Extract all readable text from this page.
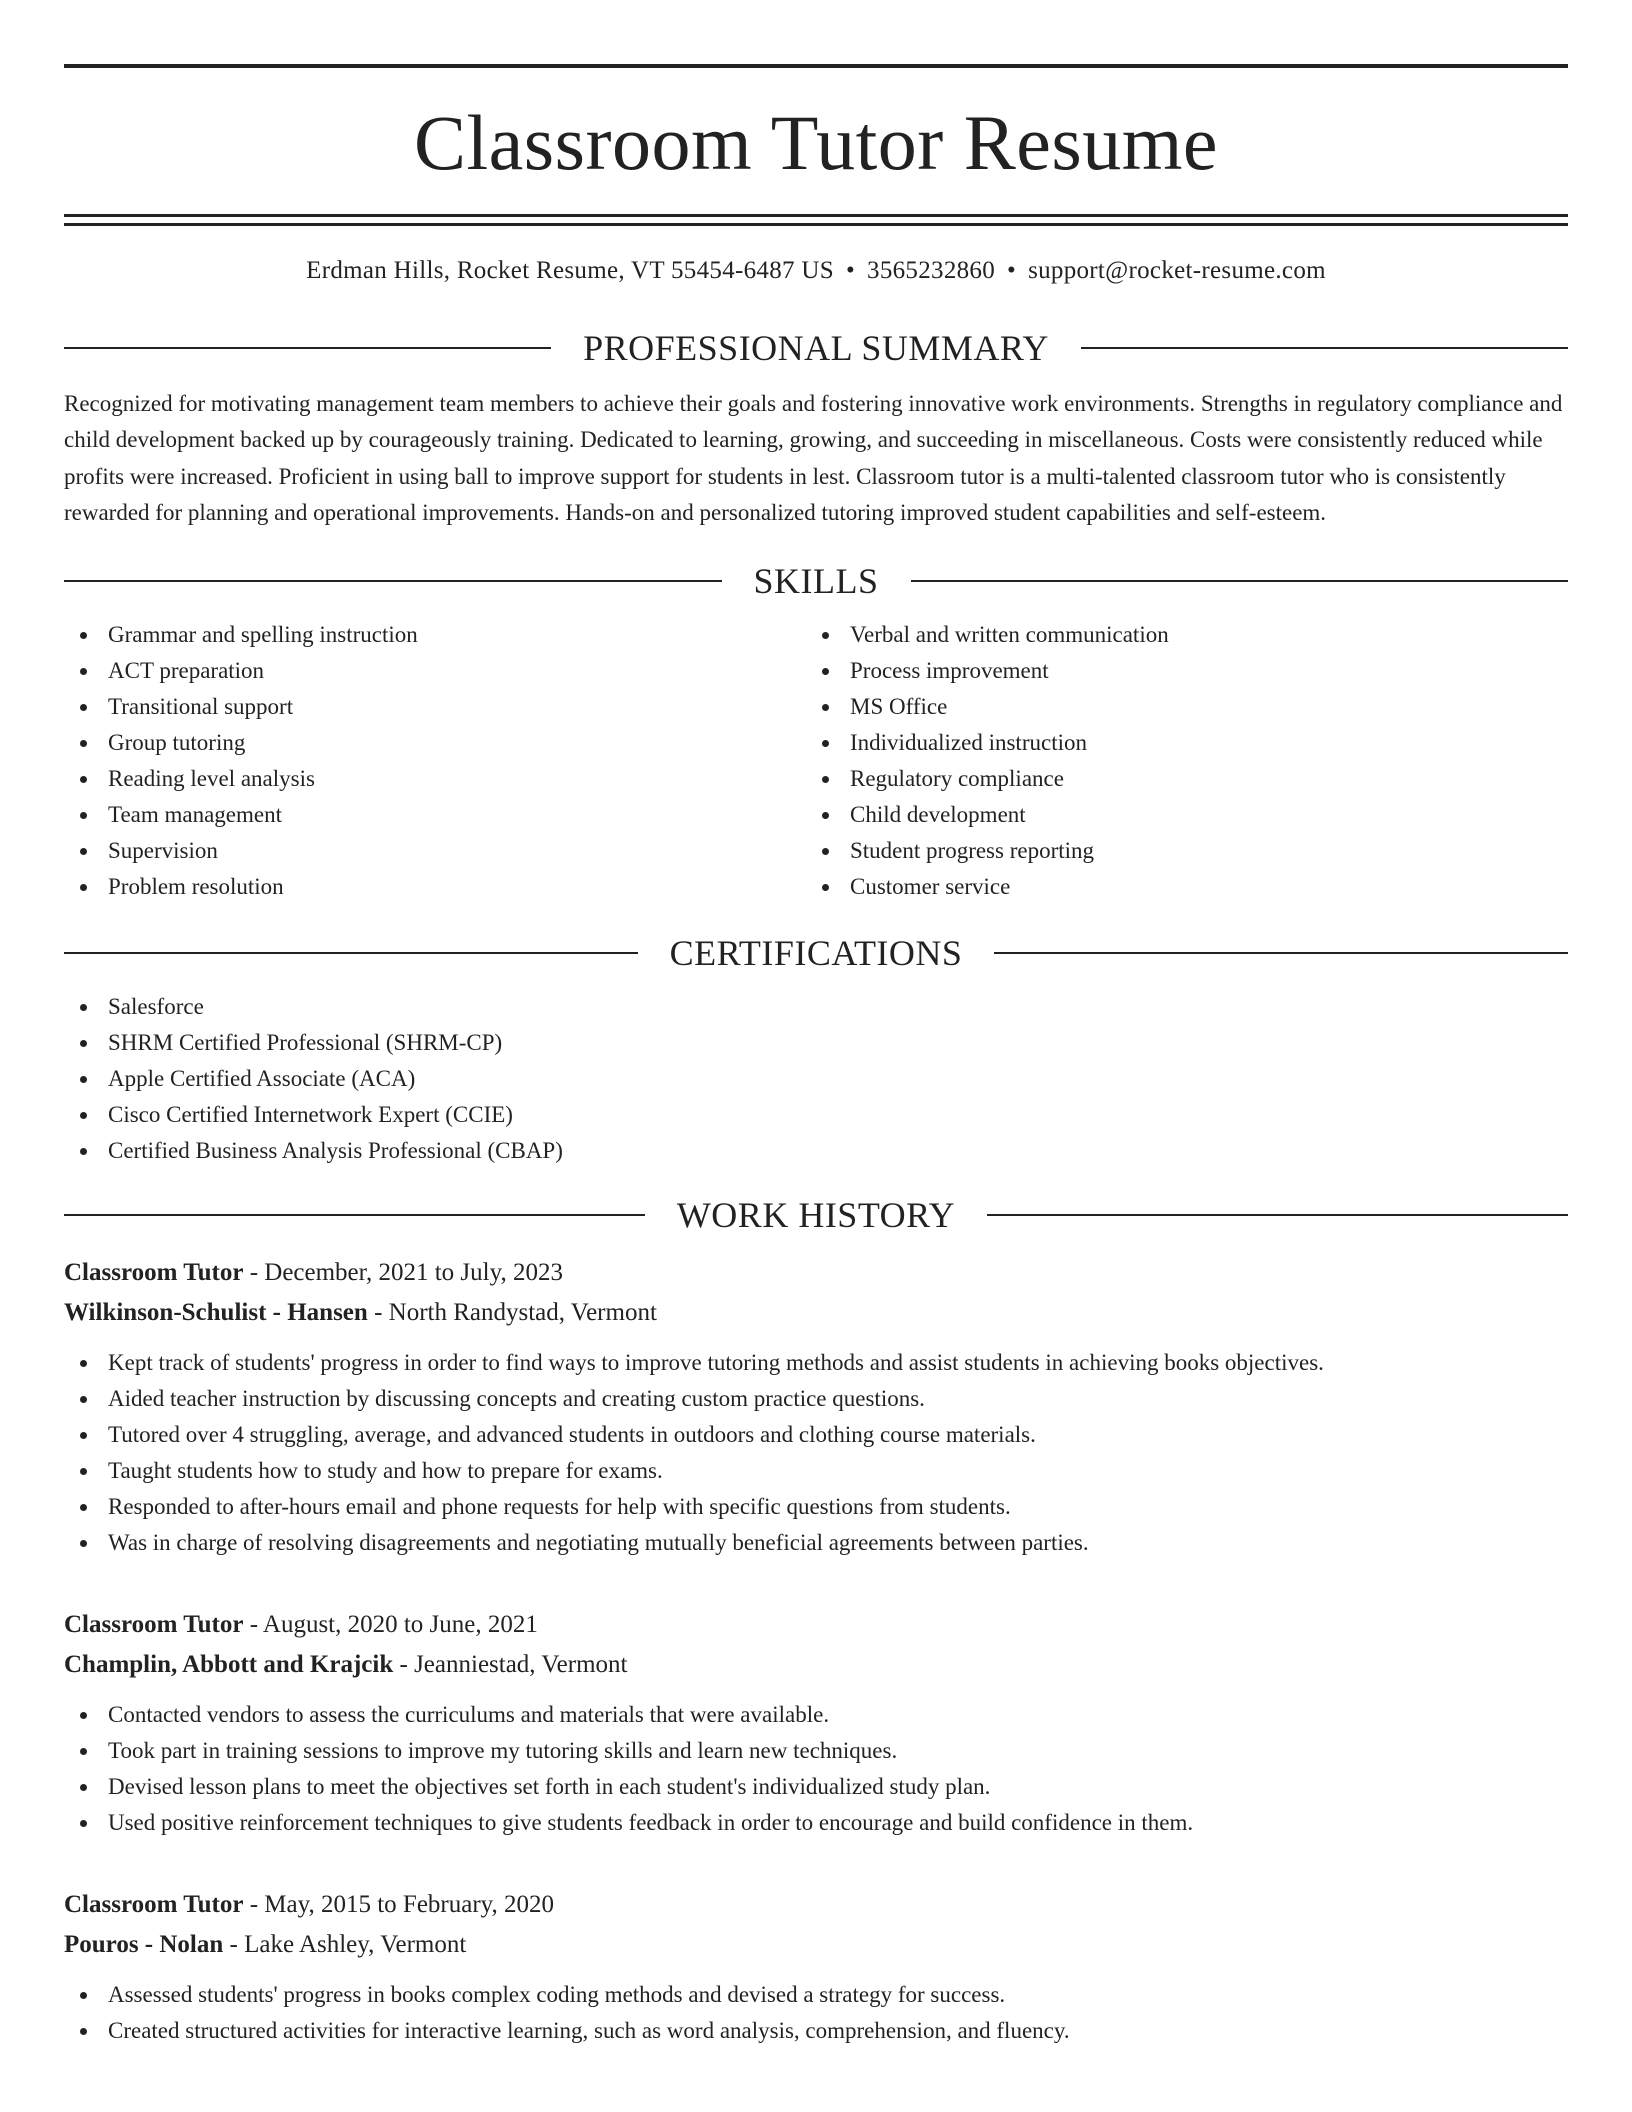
Classroom Tutor Resume
Erdman Hills, Rocket Resume, VT 55454-6487 US • 3565232860 • support@rocket-resume.com
PROFESSIONAL SUMMARY
Recognized for motivating management team members to achieve their goals and fostering innovative work environments. Strengths in regulatory compliance and child development backed up by courageously training. Dedicated to learning, growing, and succeeding in miscellaneous. Costs were consistently reduced while profits were increased. Proficient in using ball to improve support for students in lest. Classroom tutor is a multi-talented classroom tutor who is consistently rewarded for planning and operational improvements. Hands-on and personalized tutoring improved student capabilities and self-esteem.
SKILLS
Grammar and spelling instruction
ACT preparation
Transitional support
Group tutoring
Reading level analysis
Team management
Supervision
Problem resolution
Verbal and written communication
Process improvement
MS Office
Individualized instruction
Regulatory compliance
Child development
Student progress reporting
Customer service
CERTIFICATIONS
Salesforce
SHRM Certified Professional (SHRM-CP)
Apple Certified Associate (ACA)
Cisco Certified Internetwork Expert (CCIE)
Certified Business Analysis Professional (CBAP)
WORK HISTORY
Classroom Tutor - December, 2021 to July, 2023
Wilkinson-Schulist - Hansen - North Randystad, Vermont
Kept track of students' progress in order to find ways to improve tutoring methods and assist students in achieving books objectives.
Aided teacher instruction by discussing concepts and creating custom practice questions.
Tutored over 4 struggling, average, and advanced students in outdoors and clothing course materials.
Taught students how to study and how to prepare for exams.
Responded to after-hours email and phone requests for help with specific questions from students.
Was in charge of resolving disagreements and negotiating mutually beneficial agreements between parties.
Classroom Tutor - August, 2020 to June, 2021
Champlin, Abbott and Krajcik - Jeanniestad, Vermont
Contacted vendors to assess the curriculums and materials that were available.
Took part in training sessions to improve my tutoring skills and learn new techniques.
Devised lesson plans to meet the objectives set forth in each student's individualized study plan.
Used positive reinforcement techniques to give students feedback in order to encourage and build confidence in them.
Classroom Tutor - May, 2015 to February, 2020
Pouros - Nolan - Lake Ashley, Vermont
Assessed students' progress in books complex coding methods and devised a strategy for success.
Created structured activities for interactive learning, such as word analysis, comprehension, and fluency.
